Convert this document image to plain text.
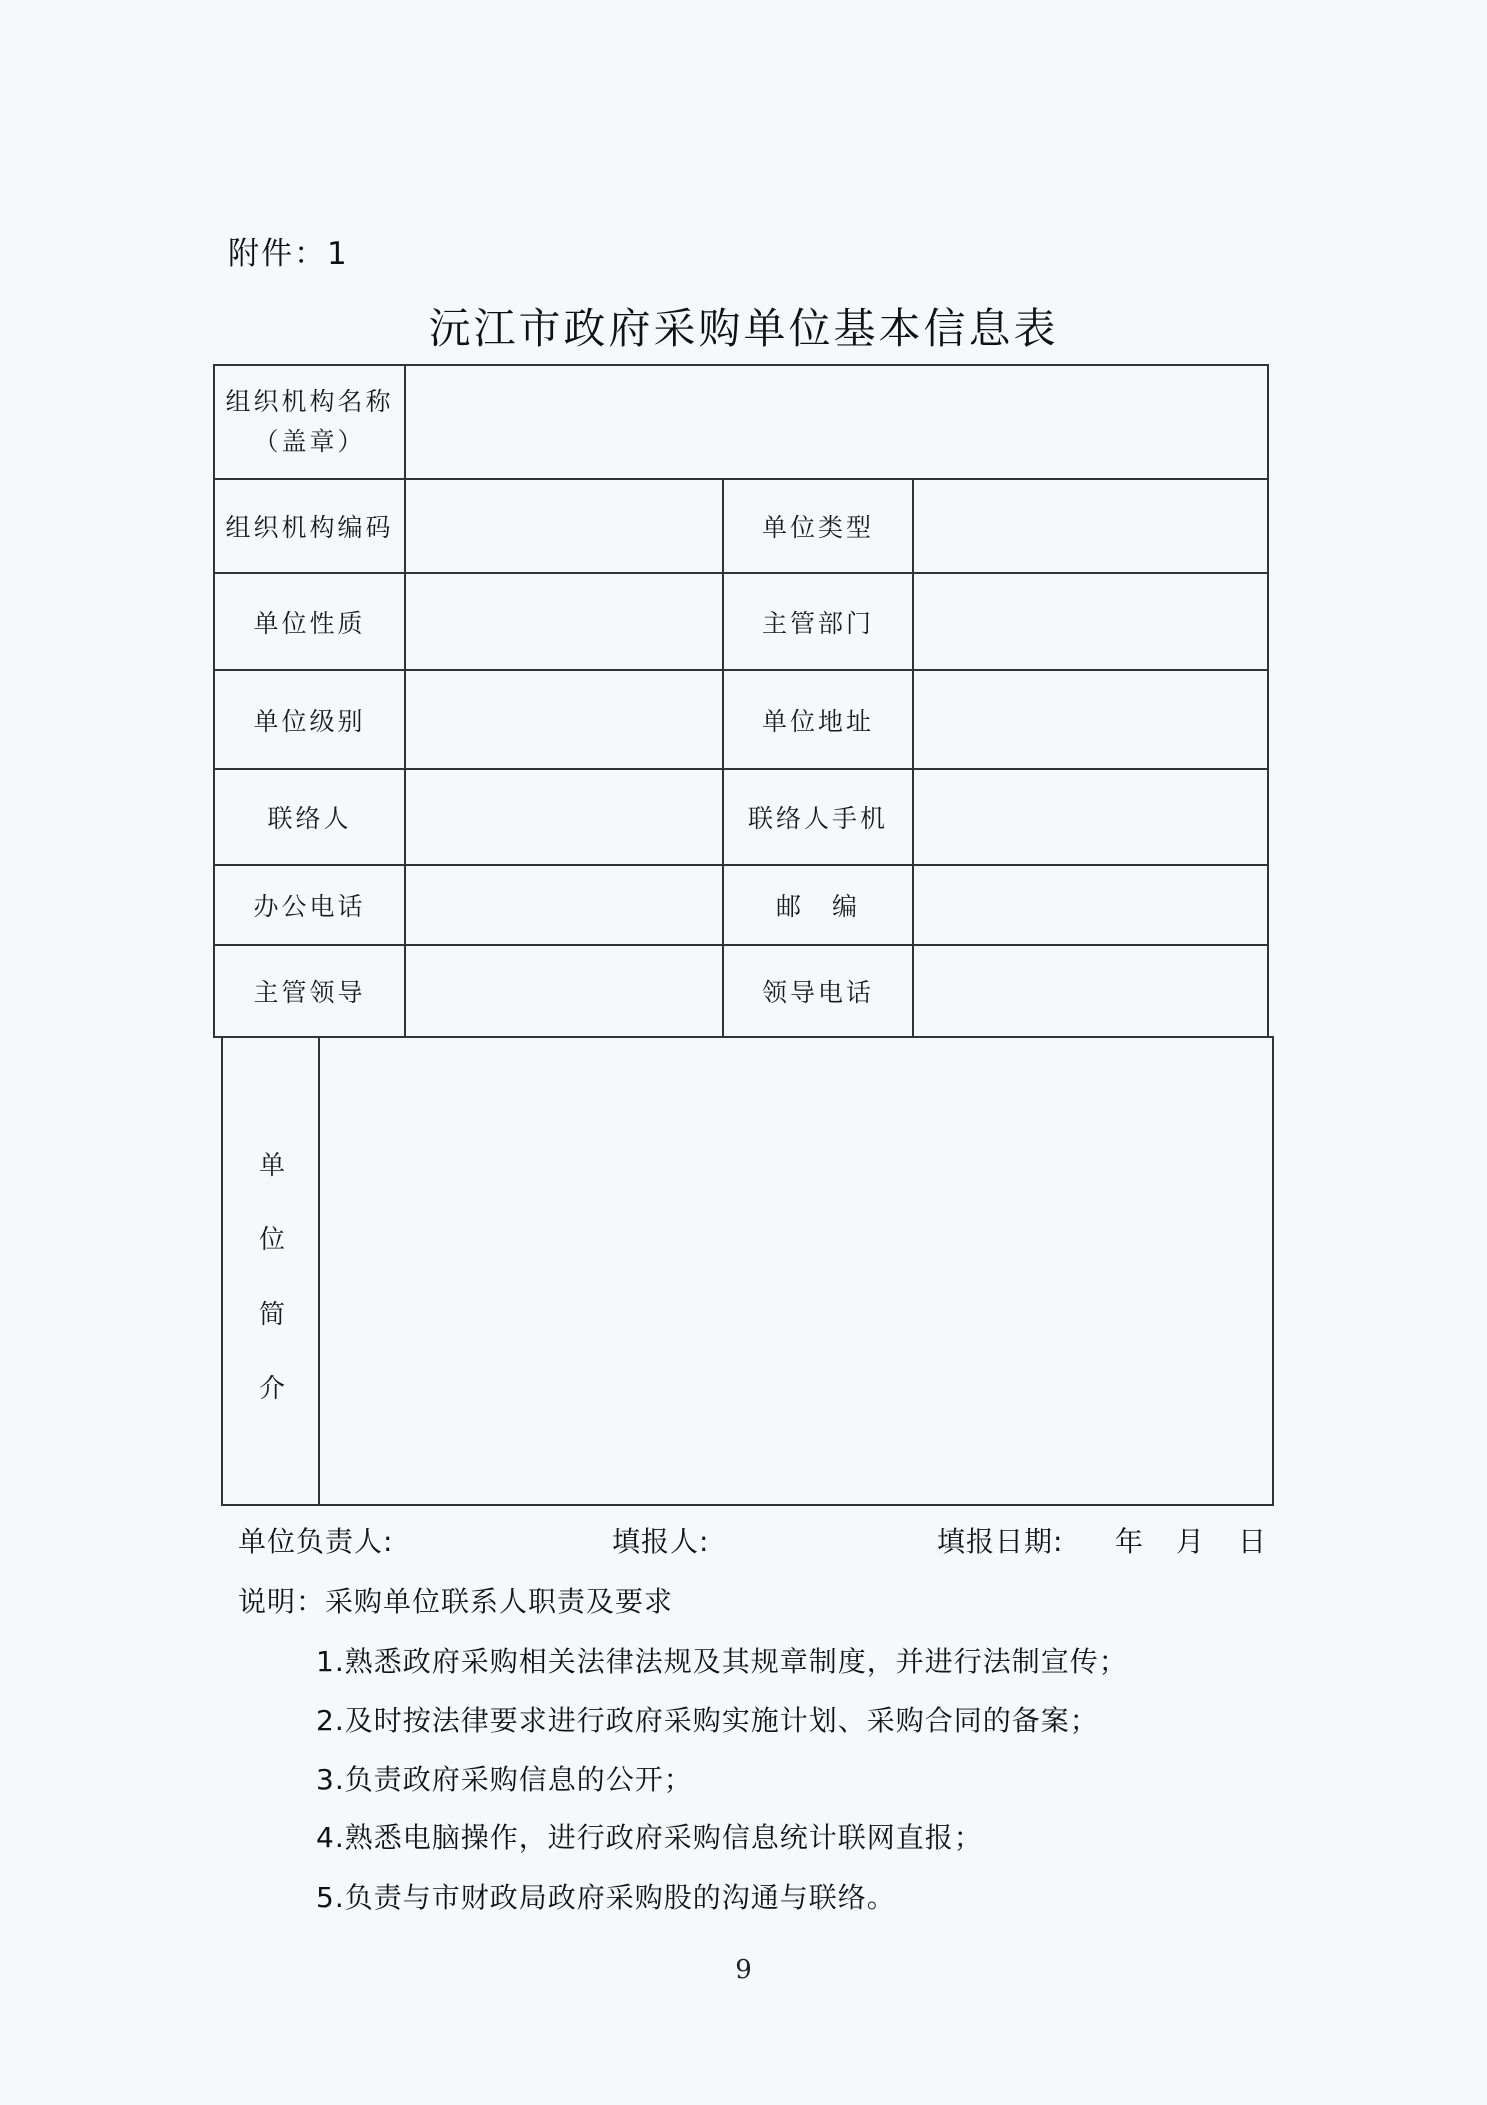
附件：1
沅江市政府采购单位基本信息表
组织机构名称
（盖章）
组织机构编码	单位类型
单位性质	主管部门
单位级别	单位地址
联络人	联络人手机
办公电话	邮　编
主管领导	领导电话
单
位
简
介
单位负责人:	填报人:	填报日期: 年 月 日
说明：采购单位联系人职责及要求
1.熟悉政府采购相关法律法规及其规章制度，并进行法制宣传；
2.及时按法律要求进行政府采购实施计划、采购合同的备案；
3.负责政府采购信息的公开；
4.熟悉电脑操作，进行政府采购信息统计联网直报；
5.负责与市财政局政府采购股的沟通与联络。
9
